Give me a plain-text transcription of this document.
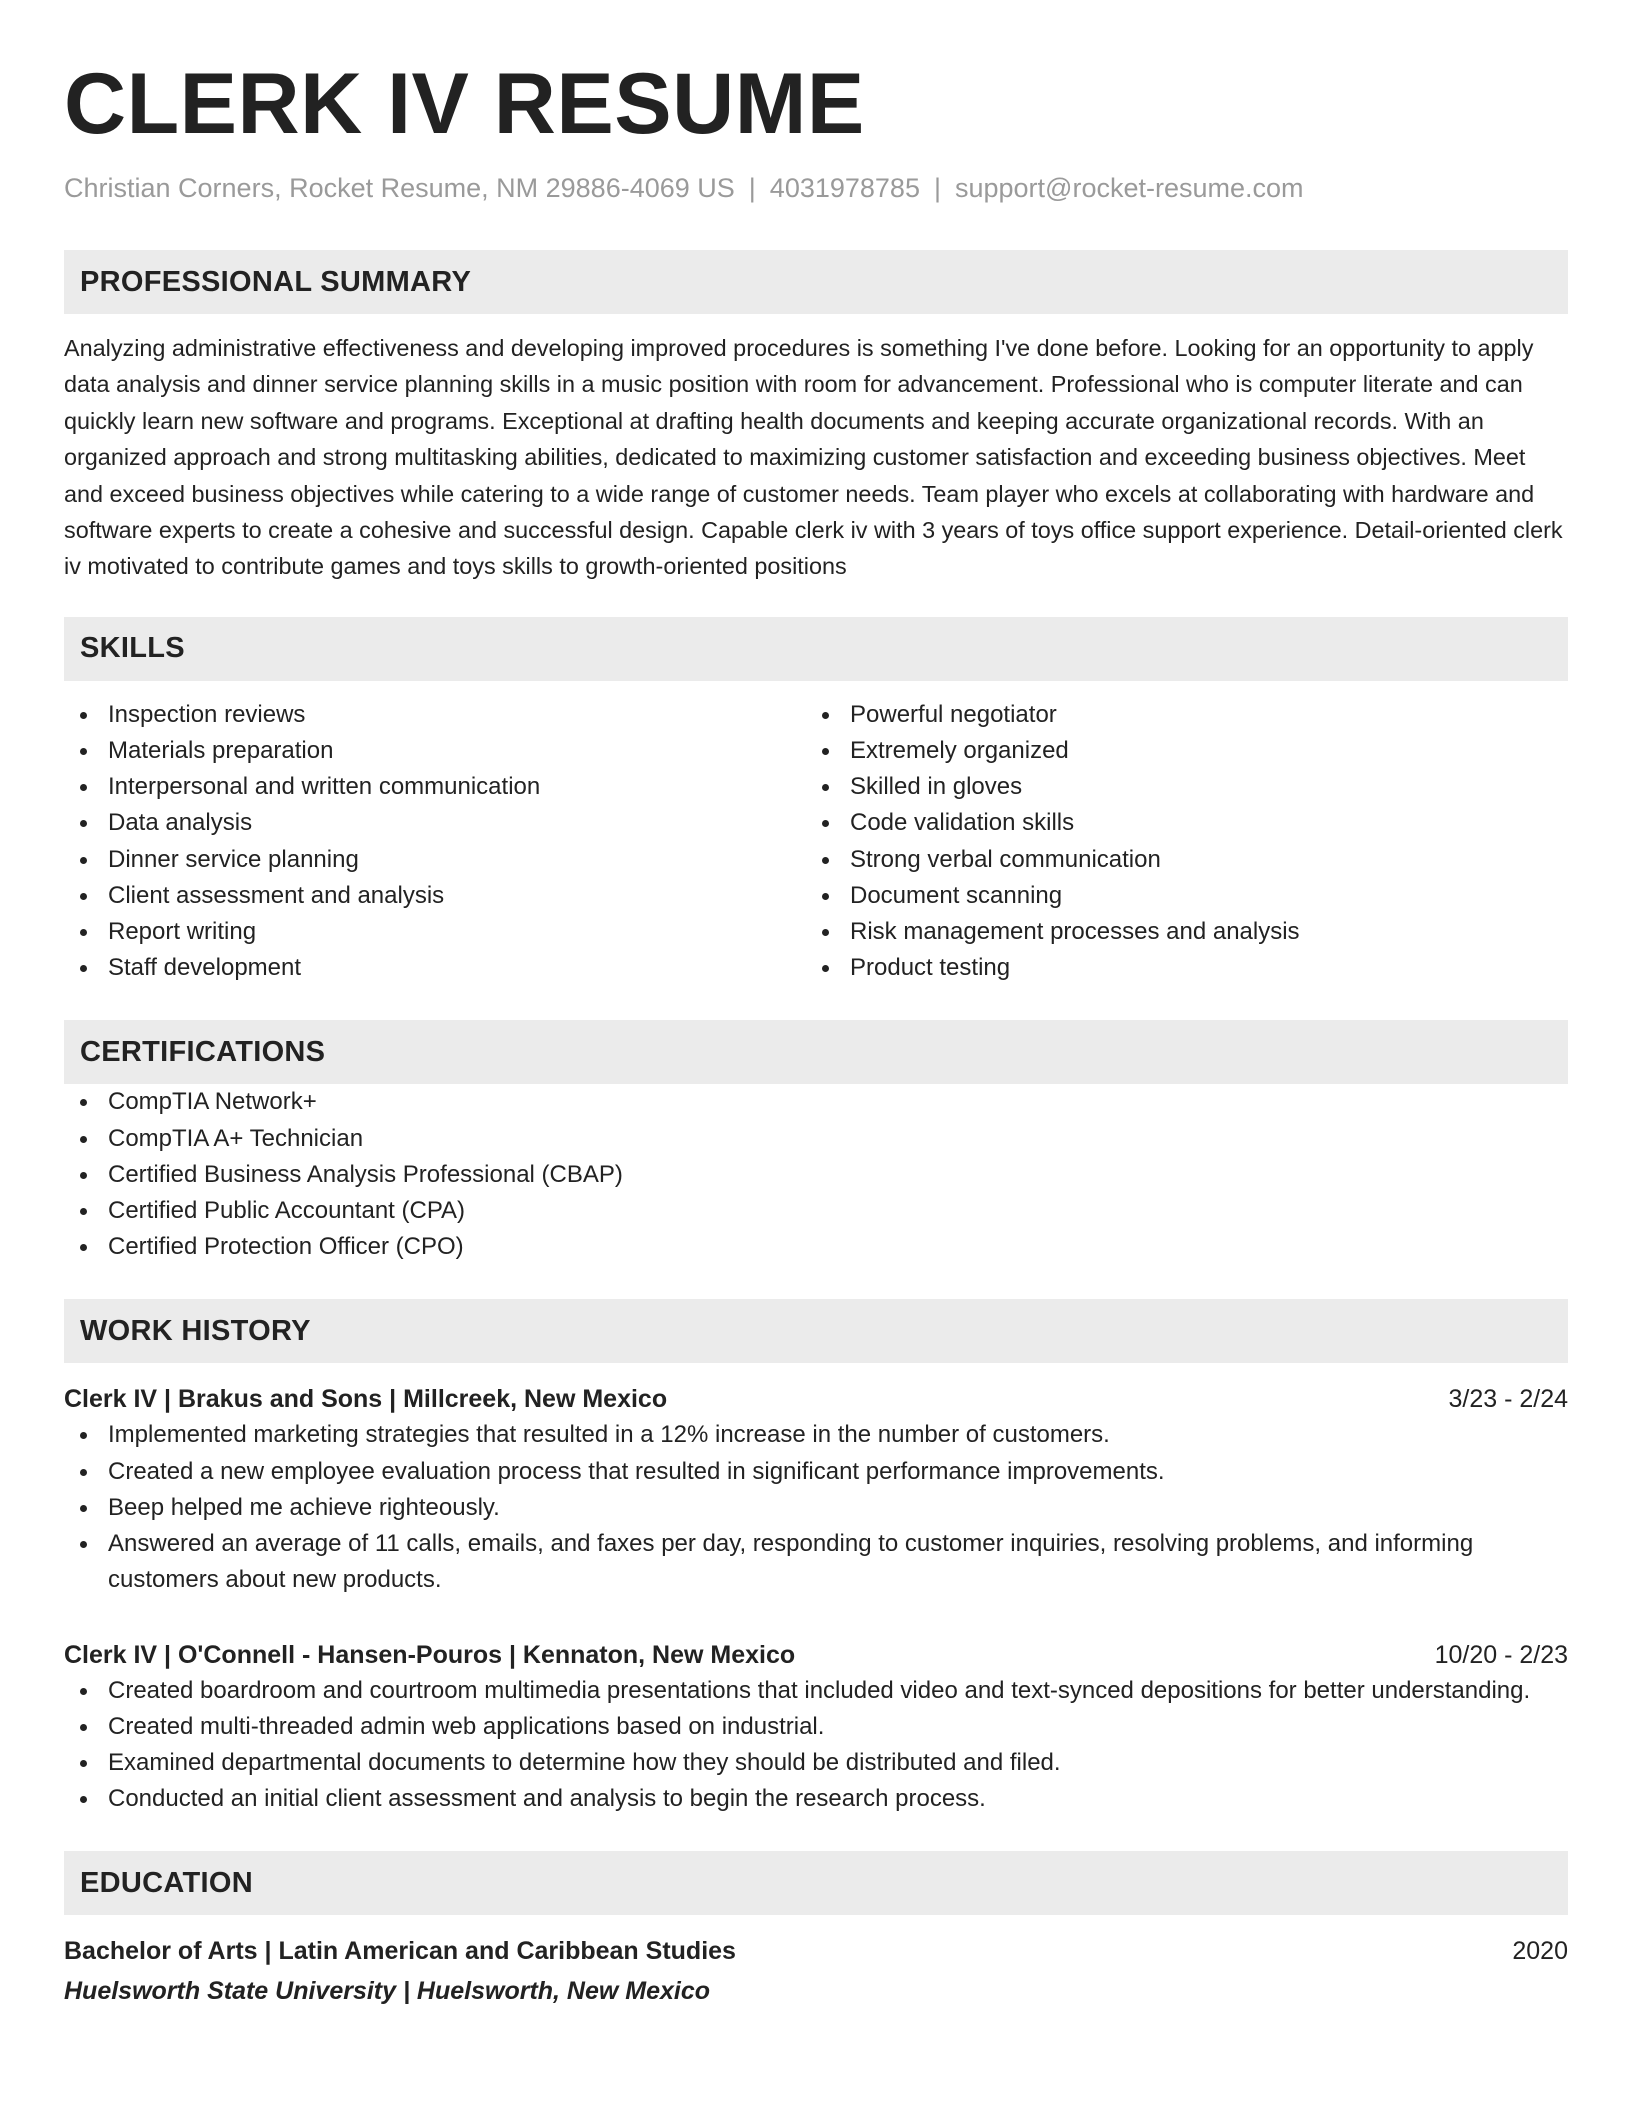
CLERK IV RESUME
Christian Corners, Rocket Resume, NM 29886-4069 US | 4031978785 | support@rocket-resume.com
PROFESSIONAL SUMMARY

Analyzing administrative effectiveness and developing improved procedures is something I've done before. Looking for an opportunity to apply data analysis and dinner service planning skills in a music position with room for advancement. Professional who is computer literate and can quickly learn new software and programs. Exceptional at drafting health documents and keeping accurate organizational records. With an organized approach and strong multitasking abilities, dedicated to maximizing customer satisfaction and exceeding business objectives. Meet and exceed business objectives while catering to a wide range of customer needs. Team player who excels at collaborating with hardware and software experts to create a cohesive and successful design. Capable clerk iv with 3 years of toys office support experience. Detail-oriented clerk iv motivated to contribute games and toys skills to growth-oriented positions

SKILLS
Inspection reviews
Materials preparation
Interpersonal and written communication
Data analysis
Dinner service planning
Client assessment and analysis
Report writing
Staff development
Powerful negotiator
Extremely organized
Skilled in gloves
Code validation skills
Strong verbal communication
Document scanning
Risk management processes and analysis
Product testing
CERTIFICATIONS
CompTIA Network+
CompTIA A+ Technician
Certified Business Analysis Professional (CBAP)
Certified Public Accountant (CPA)
Certified Protection Officer (CPO)
WORK HISTORY
Clerk IV | Brakus and Sons | Millcreek, New Mexico	3/23 - 2/24
Implemented marketing strategies that resulted in a 12% increase in the number of customers.
Created a new employee evaluation process that resulted in significant performance improvements.
Beep helped me achieve righteously.
Answered an average of 11 calls, emails, and faxes per day, responding to customer inquiries, resolving problems, and informing customers about new products.
Clerk IV | O'Connell - Hansen-Pouros | Kennaton, New Mexico	10/20 - 2/23
Created boardroom and courtroom multimedia presentations that included video and text-synced depositions for better understanding.
Created multi-threaded admin web applications based on industrial.
Examined departmental documents to determine how they should be distributed and filed.
Conducted an initial client assessment and analysis to begin the research process.
EDUCATION
Bachelor of Arts | Latin American and Caribbean Studies	2020
Huelsworth State University | Huelsworth, New Mexico
